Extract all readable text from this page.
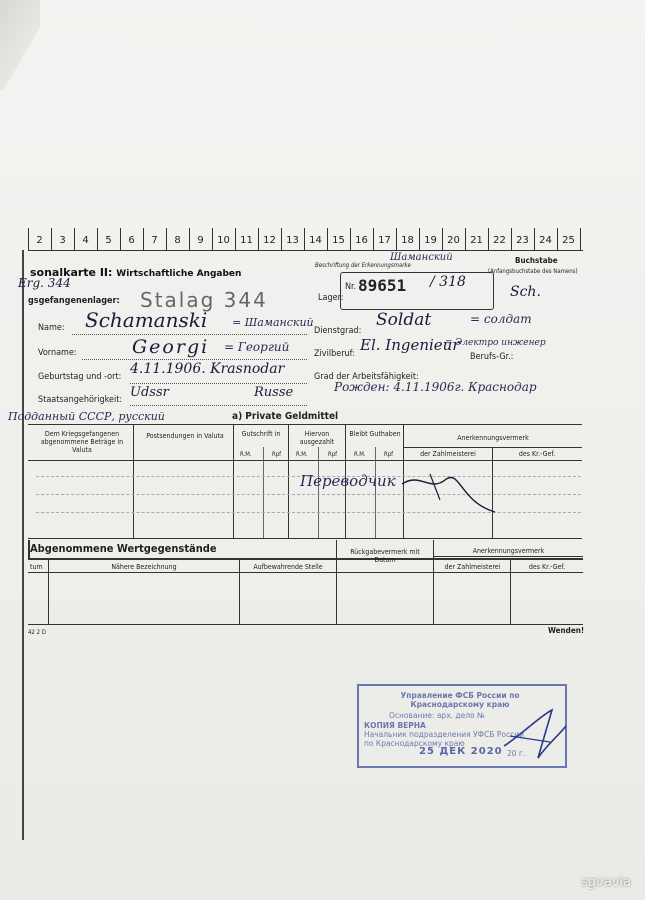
2	3	4	5	6	7	8	9	10	11	12	13	14	15	16	17	18	19	20	21	22	23	24	25
sonalkarte II: Wirtschaftliche Angaben
Beschriftung der Erkennungsmarke
Buchstabe
(Anfangsbuchstabe des Namens)
Nr.
Lager:
89651 / 318
Шаманский
Sch.
Erg. 344
gsgefangenenlager: Stalag 344
Name: Schamanski = Шаманский
Dienstgrad:
Soldat	= солдат
Vorname:	Georgi = Георгий	Zivilberuf: El. Ingenieur
= Электро инженер
Berufs-Gr.:
Geburtstag und -ort: 4.11.1906. Krasnodar	Grad der Arbeitsfähigkeit:
Рожден: 4.11.1906г. Краснодар
Staatsangehörigkeit: Udssr	Russe
Подданный СССР, русский	a) Private Geldmittel
Dem Kriegsgefangenen abgenommene Beträge in Valuta
Postsendungen in Valuta	Gutschrift in	Hiervon ausgezahlt
Bleibt Guthaben	Anerkennungsvermerk
der Zahlmeisterei	des Kr.-Gef.
R.M.	Rpf R.M.	Rpf	R.M.	Rpf
Переводчик
Abgenommene Wertgegenstände
tum	Nähere Bezeichnung	Aufbewahrende Stelle
Rückgabevermerk mit Datum
Anerkennungsvermerk
der Zahlmeisterei	des Kr.-Gef.
42 2 D	Wenden!
Управление ФСБ России по
Краснодарскому краю
Основание: арх. дело №
КОПИЯ ВЕРНА
Начальник подразделения УФСБ России
по Краснодарскому краю
25 ДЕК 2020 20 г.
sgvavia
